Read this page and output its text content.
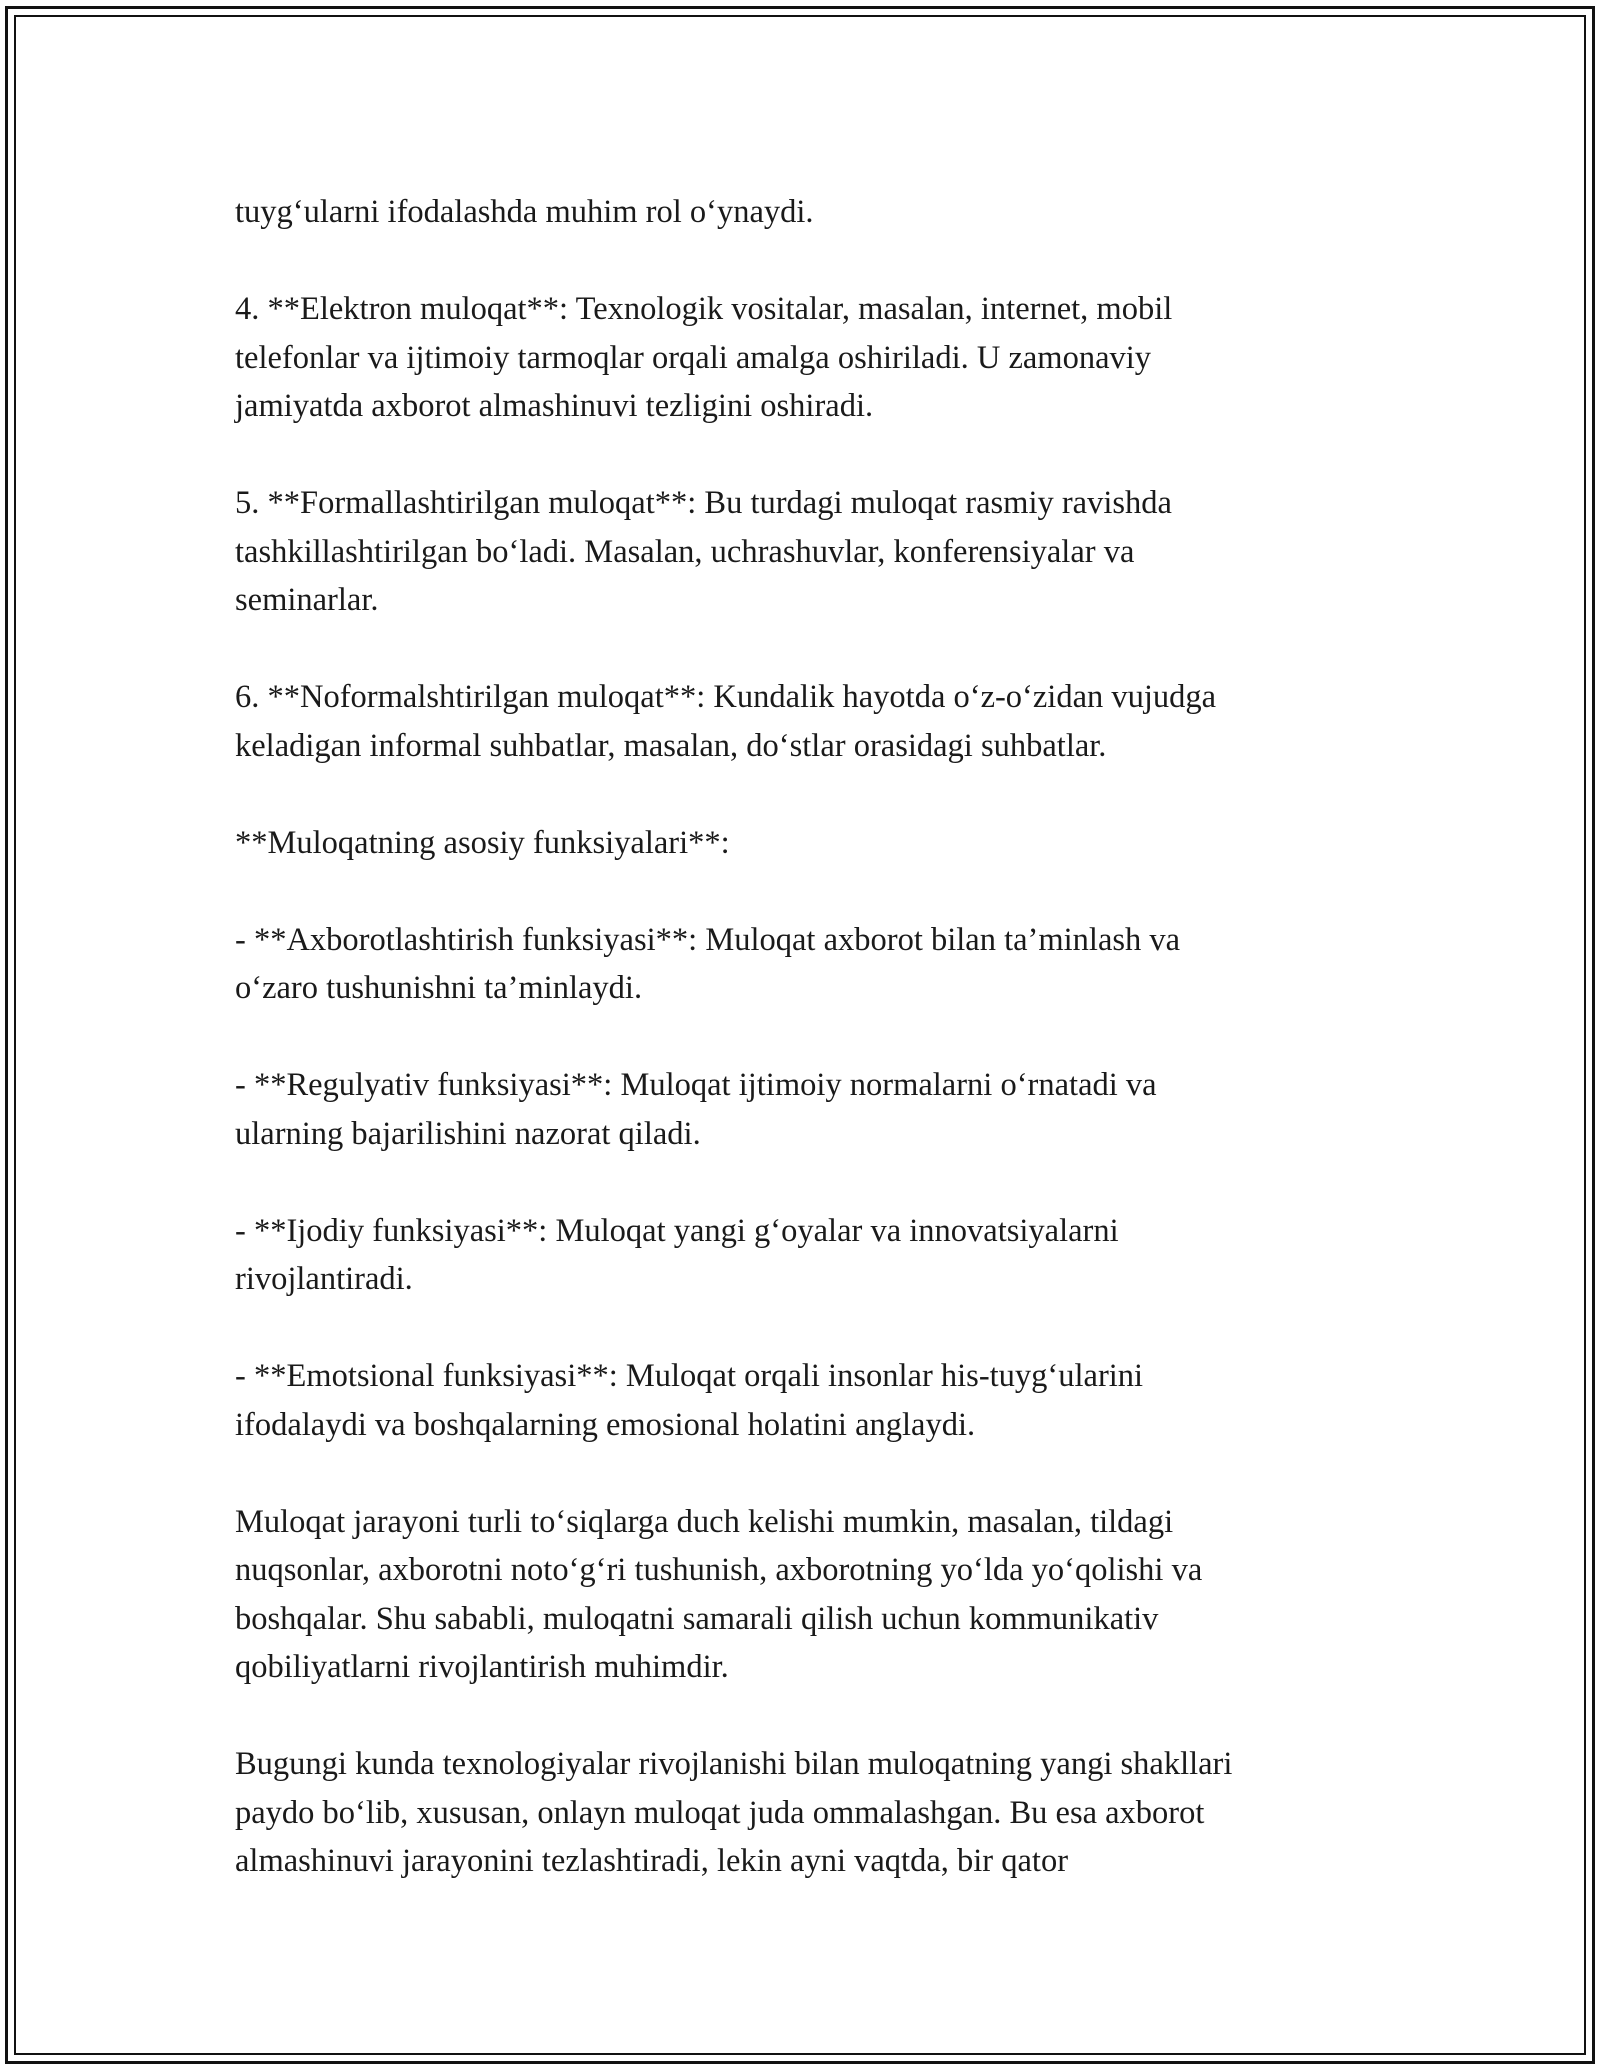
tuyg‘ularni ifodalashda muhim rol o‘ynaydi.

4. **Elektron muloqat**: Texnologik vositalar, masalan, internet, mobil
telefonlar va ijtimoiy tarmoqlar orqali amalga oshiriladi. U zamonaviy
jamiyatda axborot almashinuvi tezligini oshiradi.

5. **Formallashtirilgan muloqat**: Bu turdagi muloqat rasmiy ravishda
tashkillashtirilgan bo‘ladi. Masalan, uchrashuvlar, konferensiyalar va
seminarlar.

6. **Noformalshtirilgan muloqat**: Kundalik hayotda o‘z-o‘zidan vujudga
keladigan informal suhbatlar, masalan, do‘stlar orasidagi suhbatlar.

**Muloqatning asosiy funksiyalari**:

- **Axborotlashtirish funksiyasi**: Muloqat axborot bilan ta’minlash va
o‘zaro tushunishni ta’minlaydi.

- **Regulyativ funksiyasi**: Muloqat ijtimoiy normalarni o‘rnatadi va
ularning bajarilishini nazorat qiladi.

- **Ijodiy funksiyasi**: Muloqat yangi g‘oyalar va innovatsiyalarni
rivojlantiradi.

- **Emotsional funksiyasi**: Muloqat orqali insonlar his-tuyg‘ularini
ifodalaydi va boshqalarning emosional holatini anglaydi.

Muloqat jarayoni turli to‘siqlarga duch kelishi mumkin, masalan, tildagi
nuqsonlar, axborotni noto‘g‘ri tushunish, axborotning yo‘lda yo‘qolishi va
boshqalar. Shu sababli, muloqatni samarali qilish uchun kommunikativ
qobiliyatlarni rivojlantirish muhimdir.

Bugungi kunda texnologiyalar rivojlanishi bilan muloqatning yangi shakllari
paydo bo‘lib, xususan, onlayn muloqat juda ommalashgan. Bu esa axborot
almashinuvi jarayonini tezlashtiradi, lekin ayni vaqtda, bir qator
